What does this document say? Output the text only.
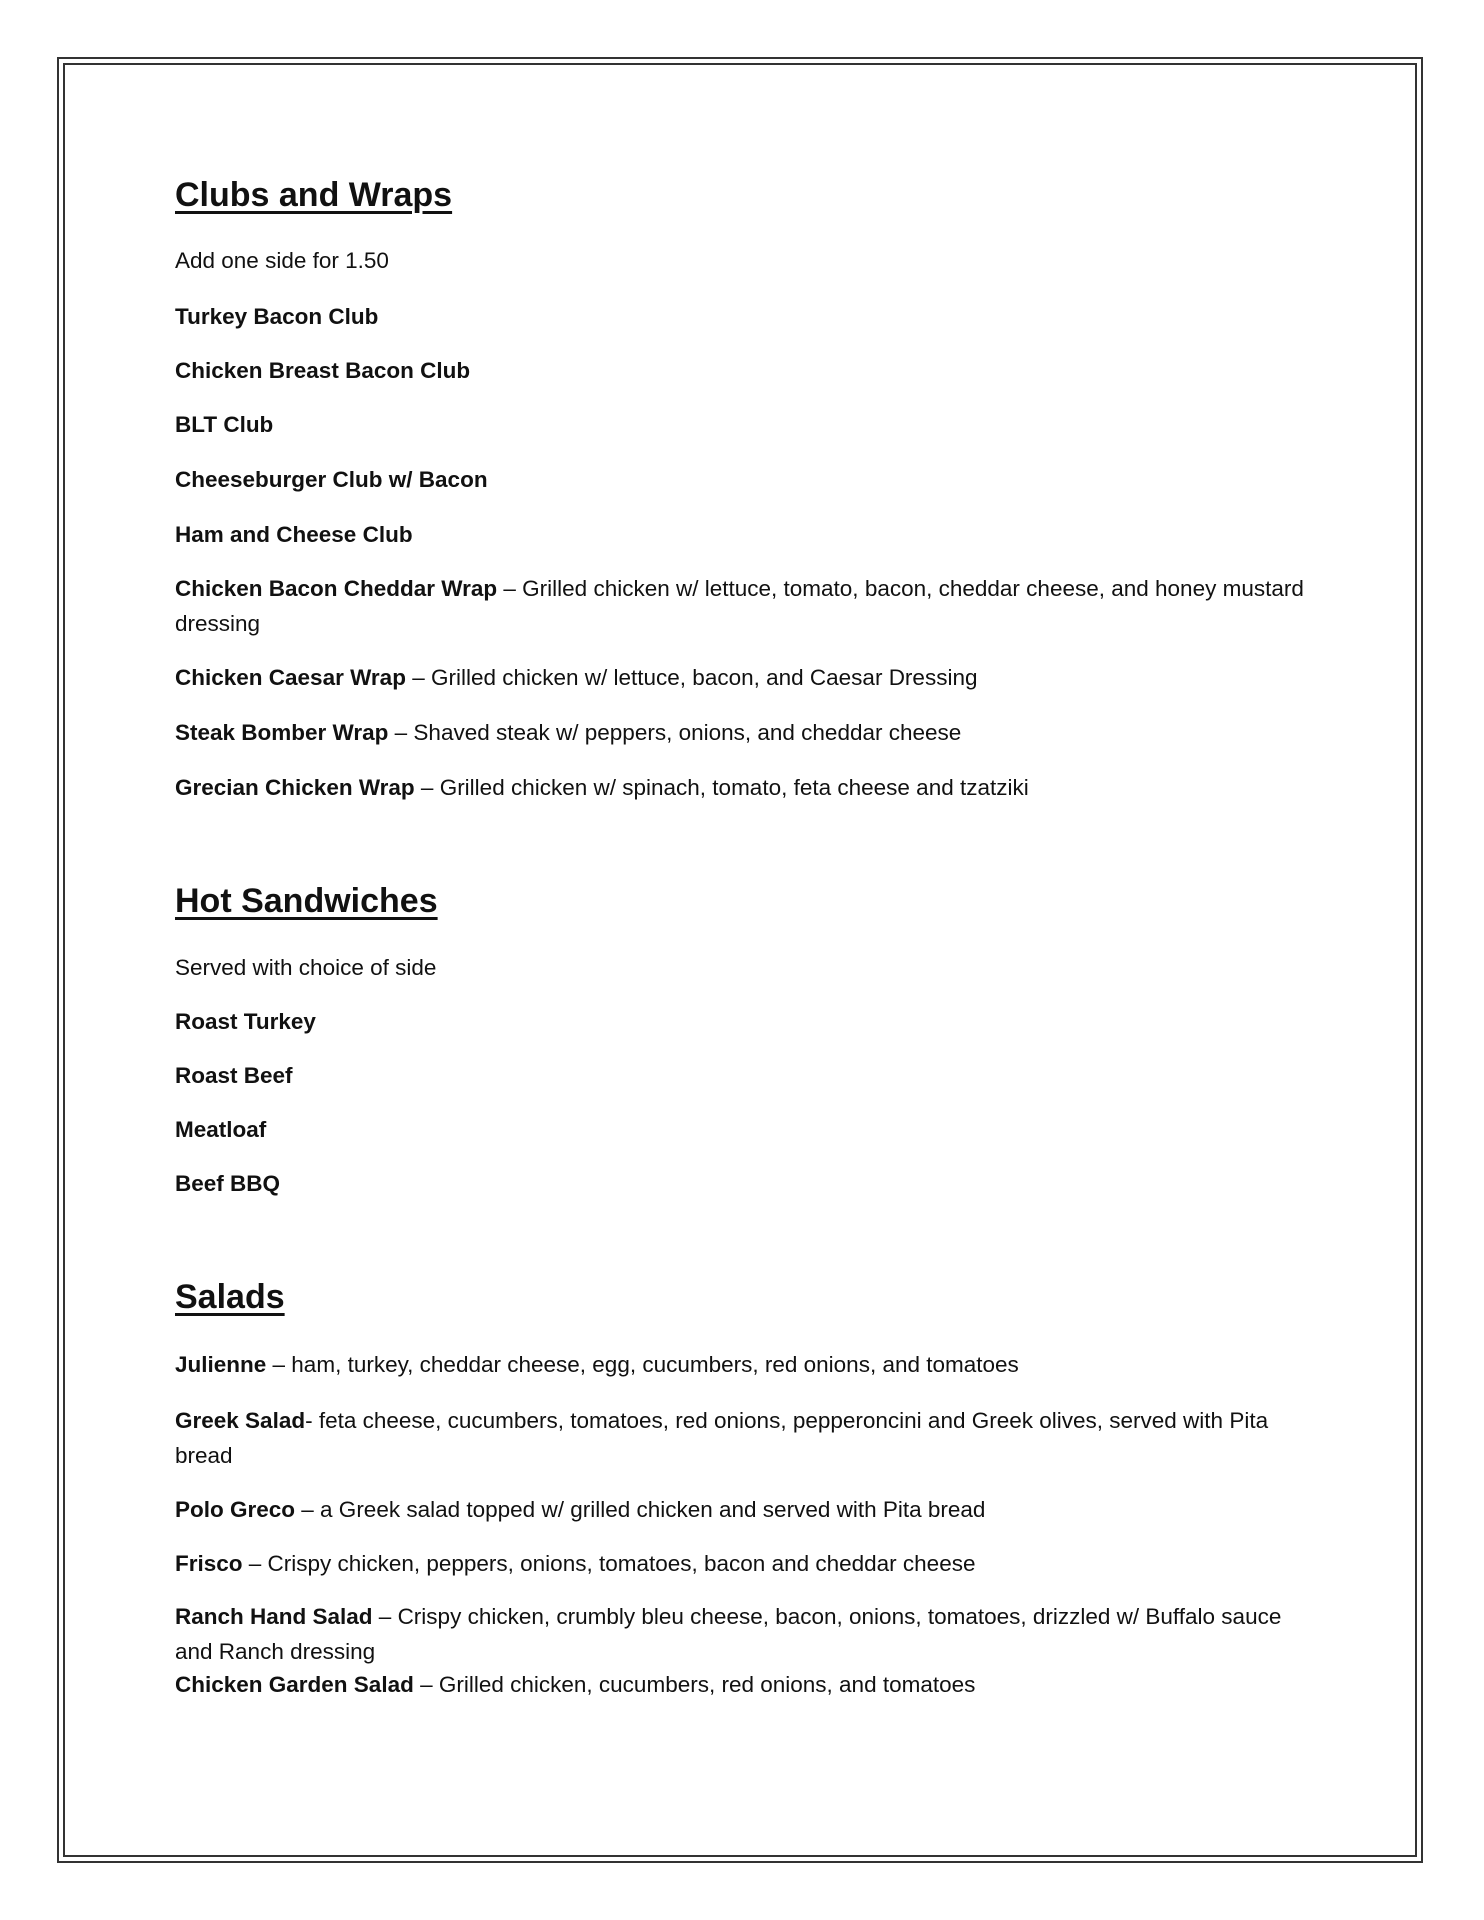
Clubs and Wraps

Add one side for 1.50

Turkey Bacon Club

Chicken Breast Bacon Club

BLT Club

Cheeseburger Club w/ Bacon

Ham and Cheese Club

Chicken Bacon Cheddar Wrap – Grilled chicken w/ lettuce, tomato, bacon, cheddar cheese, and honey mustard dressing

Chicken Caesar Wrap – Grilled chicken w/ lettuce, bacon, and Caesar Dressing

Steak Bomber Wrap – Shaved steak w/ peppers, onions, and cheddar cheese

Grecian Chicken Wrap – Grilled chicken w/ spinach, tomato, feta cheese and tzatziki

Hot Sandwiches

Served with choice of side

Roast Turkey

Roast Beef

Meatloaf

Beef BBQ

Salads

Julienne – ham, turkey, cheddar cheese, egg, cucumbers, red onions, and tomatoes

Greek Salad- feta cheese, cucumbers, tomatoes, red onions, pepperoncini and Greek olives, served with Pita bread

Polo Greco – a Greek salad topped w/ grilled chicken and served with Pita bread

Frisco – Crispy chicken, peppers, onions, tomatoes, bacon and cheddar cheese

Ranch Hand Salad – Crispy chicken, crumbly bleu cheese, bacon, onions, tomatoes, drizzled w/ Buffalo sauce and Ranch dressing

Chicken Garden Salad – Grilled chicken, cucumbers, red onions, and tomatoes
